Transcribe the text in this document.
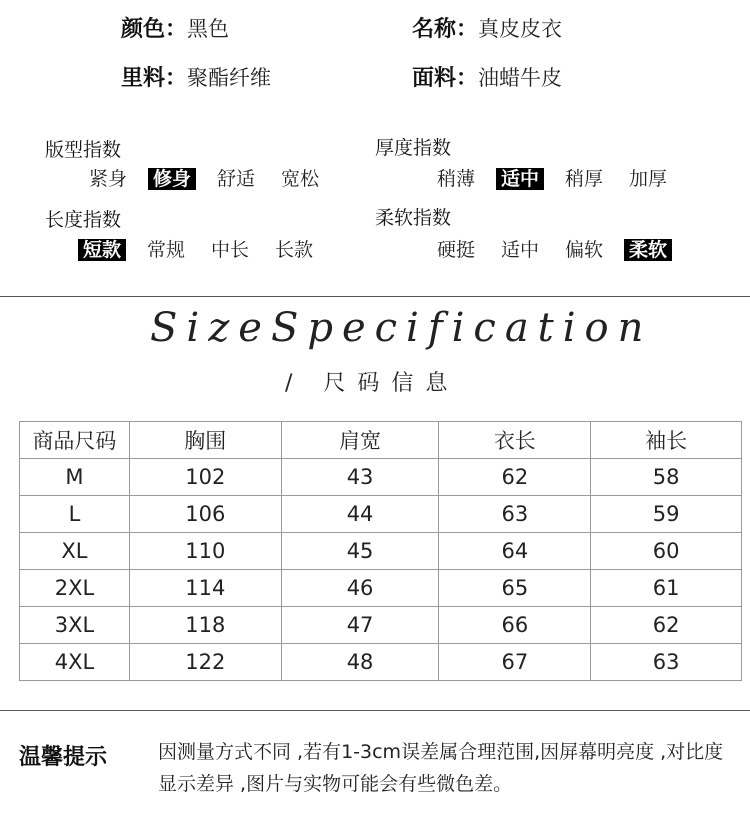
颜色：黑色	名称：真皮皮衣
里料：聚酯纤维	面料：油蜡牛皮
版型指数
紧身 修身 舒适 宽松
厚度指数
稍薄 适中 稍厚 加厚
长度指数
短款 常规 中长 长款
柔软指数
硬挺 适中 偏软 柔软
SizeSpecification
/ 尺码信息
商品尺码	胸围	肩宽	衣长	袖长
M	102	43	62	58
L	106	44	63	59
XL	110	45	64	60
2XL	114	46	65	61
3XL	118	47	66	62
4XL	122	48	67	63
温馨提示	因测量方式不同 ,若有1-3cm误差属合理范围,因屏幕明亮度 ,对比度显示差异 ,图片与实物可能会有些微色差。
